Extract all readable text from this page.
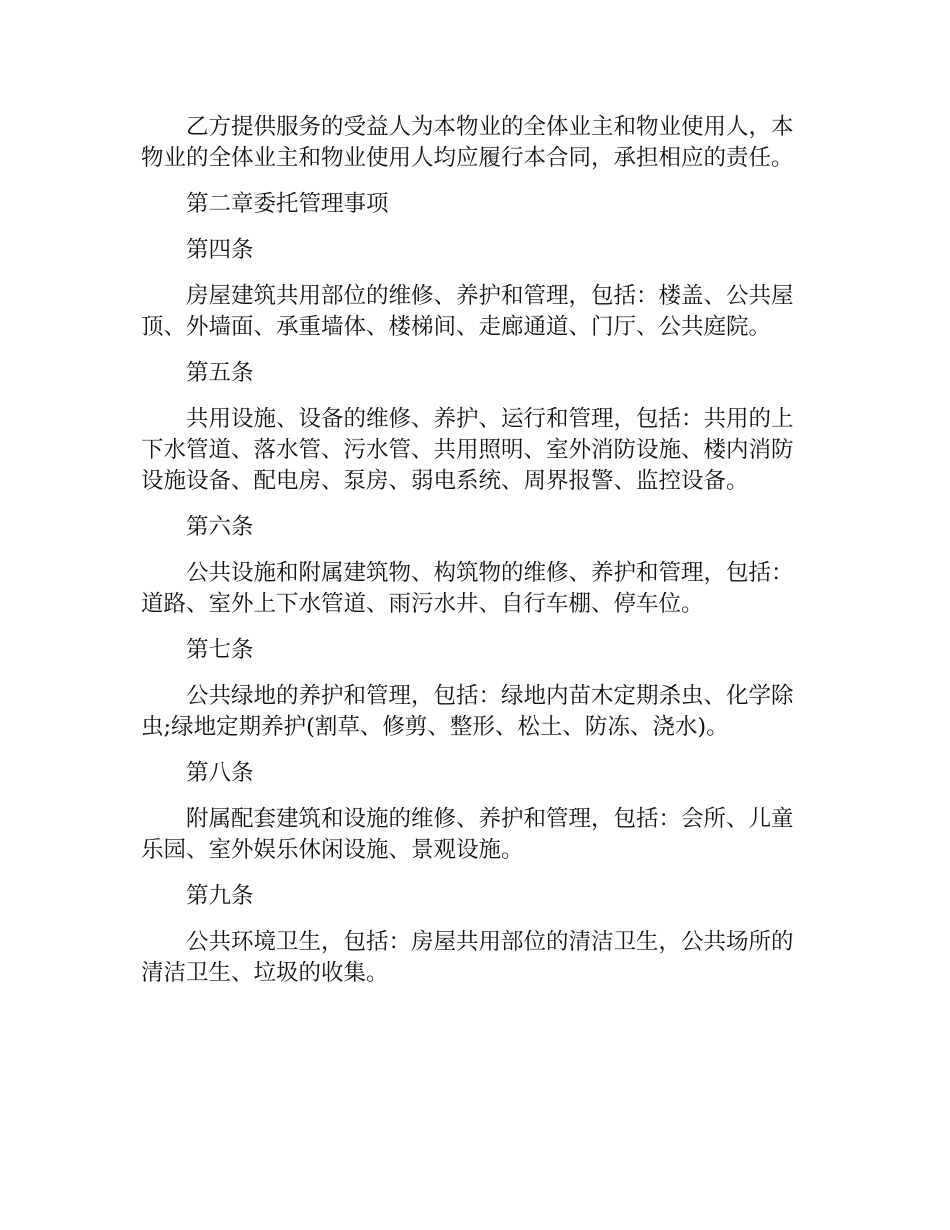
乙方提供服务的受益人为本物业的全体业主和物业使用人，本物业的全体业主和物业使用人均应履行本合同，承担相应的责任。

第二章委托管理事项

第四条

房屋建筑共用部位的维修、养护和管理，包括：楼盖、公共屋顶、外墙面、承重墙体、楼梯间、走廊通道、门厅、公共庭院。

第五条

共用设施、设备的维修、养护、运行和管理，包括：共用的上下水管道、落水管、污水管、共用照明、室外消防设施、楼内消防设施设备、配电房、泵房、弱电系统、周界报警、监控设备。

第六条

公共设施和附属建筑物、构筑物的维修、养护和管理，包括：道路、室外上下水管道、雨污水井、自行车棚、停车位。

第七条

公共绿地的养护和管理，包括：绿地内苗木定期杀虫、化学除虫;绿地定期养护(割草、修剪、整形、松土、防冻、浇水)。

第八条

附属配套建筑和设施的维修、养护和管理，包括：会所、儿童乐园、室外娱乐休闲设施、景观设施。

第九条

公共环境卫生，包括：房屋共用部位的清洁卫生，公共场所的清洁卫生、垃圾的收集。
